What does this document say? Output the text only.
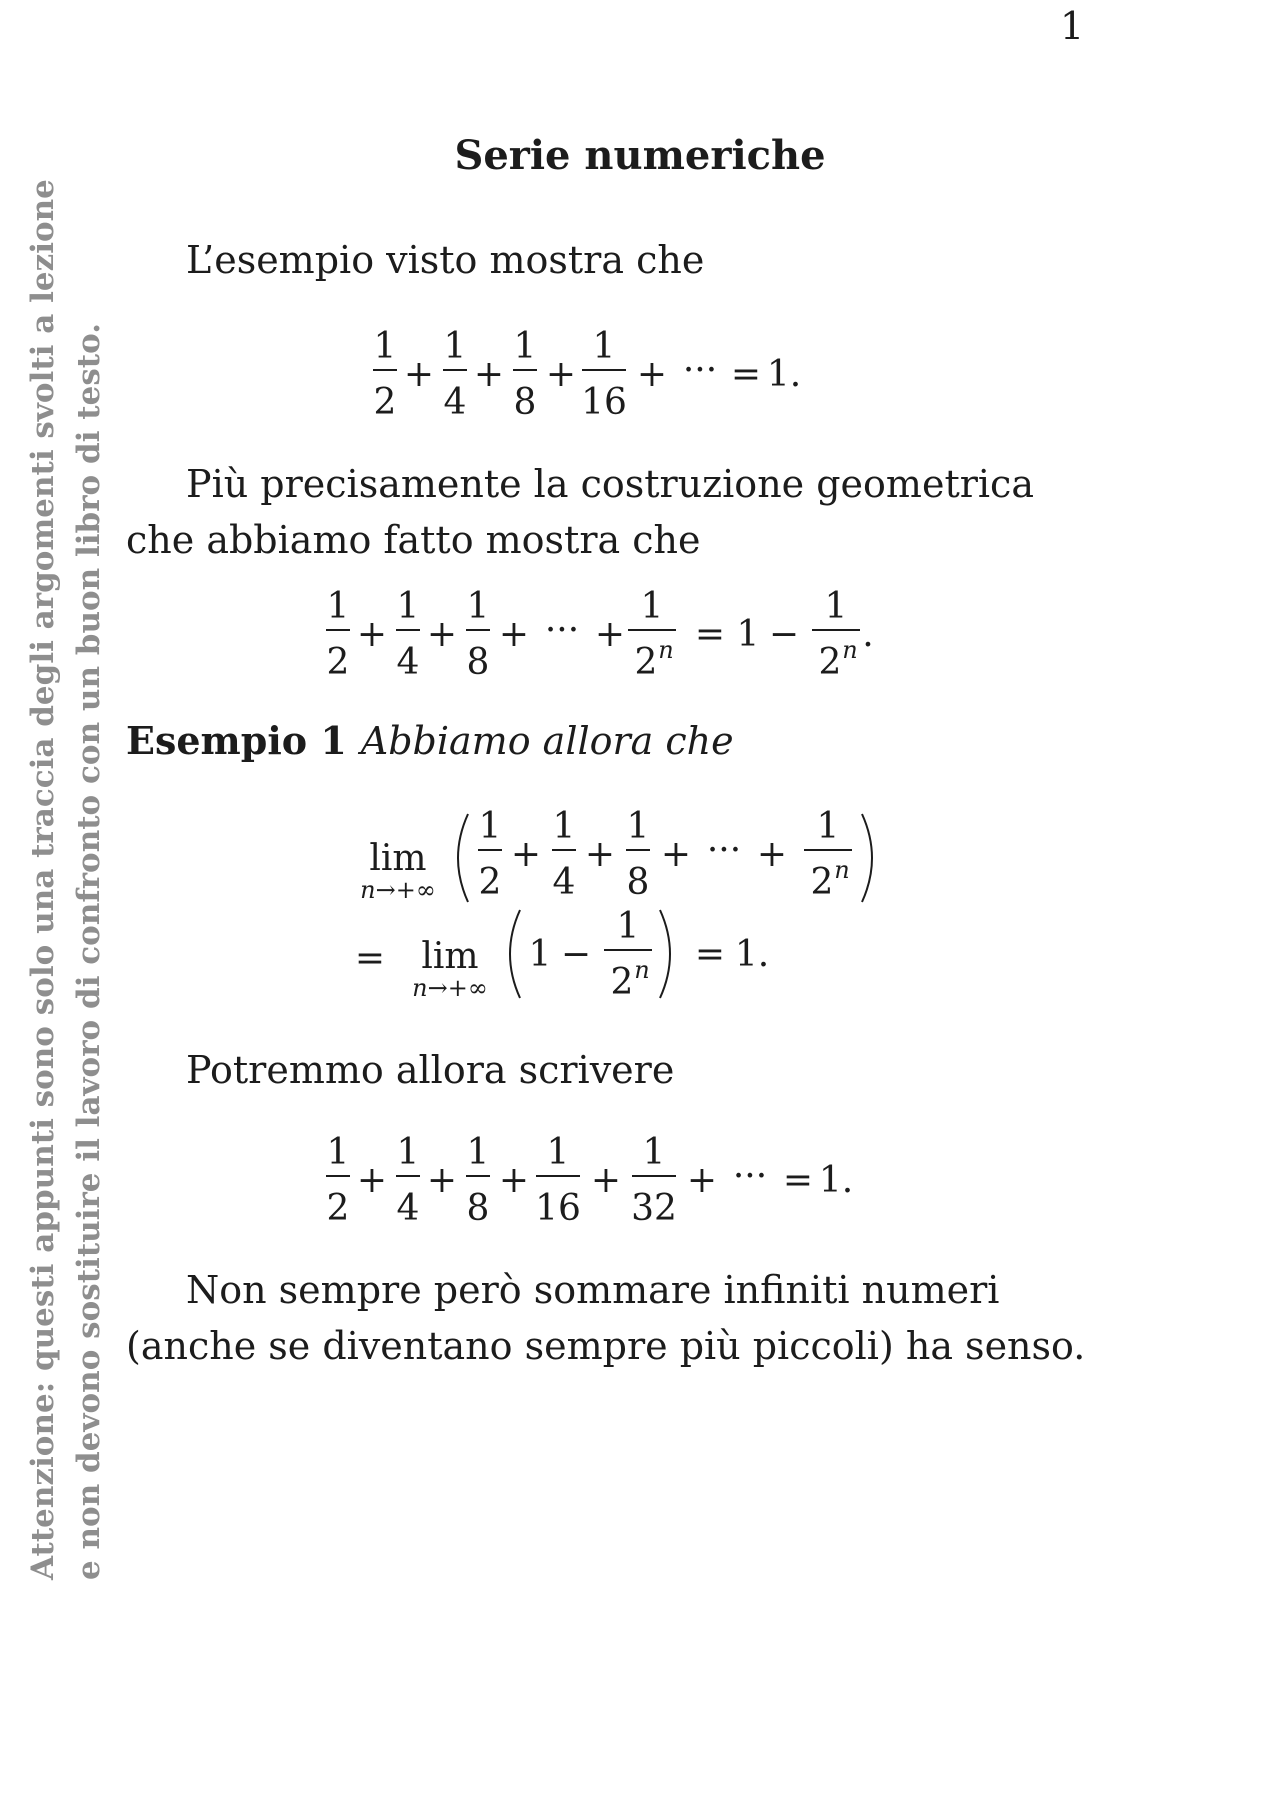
1
Serie numeriche
Attenzione: questi appunti sono solo una traccia degli argomenti svolti a lezione e non devono sostituire il lavoro di confronto con un buon libro di testo.

L’esempio visto mostra che

1
2
+
1
4
+
1
8
+
1
16
+ ··· = 1.

Più precisamente la costruzione geometrica che abbiamo fatto mostra che

1
2
+
1
4
+
1
8
+ ··· +
1
2 n = 1 −
1
2 n .
Esempio 1 Abbiamo allora che
lim
n→+∞
1
2
+
1
4
+
1
8
+ ··· +
1
2 n
= lim
n→+∞
1 −
1
2 n = 1.

Potremmo allora scrivere

1
2
+
1
4
+
1
8
+
1
16
+
1
32
+ ··· = 1.

Non sempre però sommare infiniti numeri (anche se diventano sempre più piccoli) ha senso.
